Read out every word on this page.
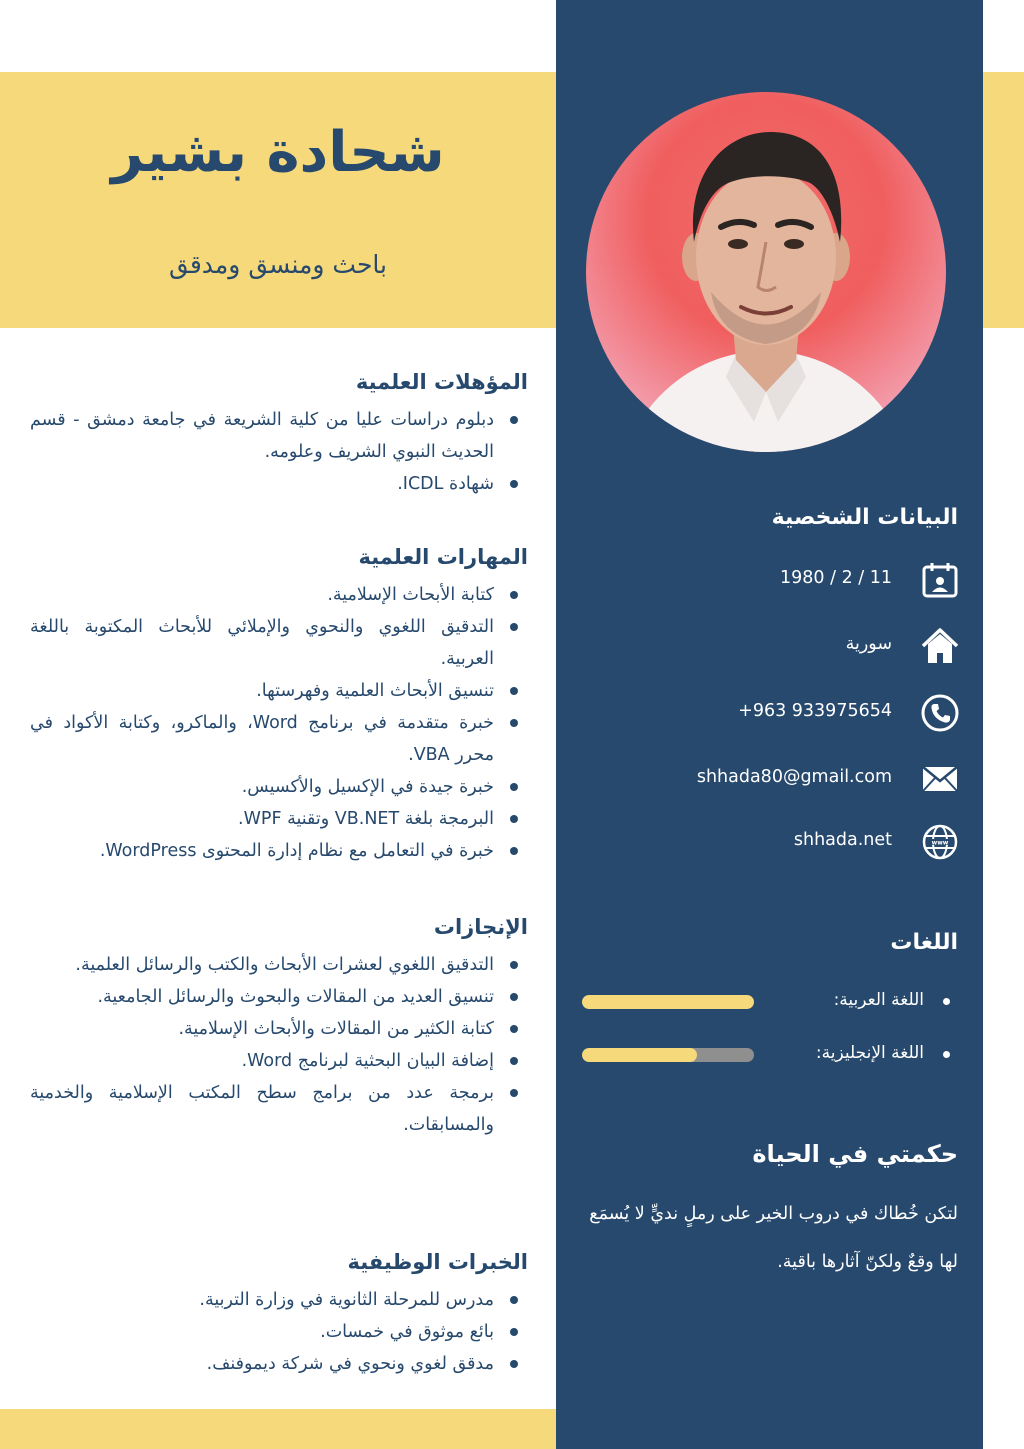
شحادة بشير
باحث ومنسق ومدقق
المؤهلات العلمية
دبلوم دراسات عليا من كلية الشريعة في جامعة دمشق - قسم الحديث النبوي الشريف وعلومه.
شهادة ICDL.
المهارات العلمية
كتابة الأبحاث الإسلامية.
التدقيق اللغوي والنحوي والإملائي للأبحاث المكتوبة باللغة العربية.
تنسيق الأبحاث العلمية وفهرستها.
خبرة متقدمة في برنامج Word، والماكرو، وكتابة الأكواد في محرر VBA.
خبرة جيدة في الإكسيل والأكسيس.
البرمجة بلغة VB.NET وتقنية WPF.
خبرة في التعامل مع نظام إدارة المحتوى WordPress.
الإنجازات
التدقيق اللغوي لعشرات الأبحاث والكتب والرسائل العلمية.
تنسيق العديد من المقالات والبحوث والرسائل الجامعية.
كتابة الكثير من المقالات والأبحاث الإسلامية.
إضافة البيان البحثية لبرنامج Word.
برمجة عدد من برامج سطح المكتب الإسلامية والخدمية والمسابقات.
الخبرات الوظيفية
مدرس للمرحلة الثانوية في وزارة التربية.
بائع موثوق في خمسات.
مدقق لغوي ونحوي في شركة ديموفنف.
البيانات الشخصية
1980 / 2 / 11
سورية
+963 933975654
shhada80@gmail.com
www
shhada.net
اللغات
اللغة العربية:
اللغة الإنجليزية:
حكمتي في الحياة
لتكن خُطاك في دروب الخير على رملٍ نديٍّ لا يُسمَع لها وقعٌ ولكنّ آثارها باقية.
